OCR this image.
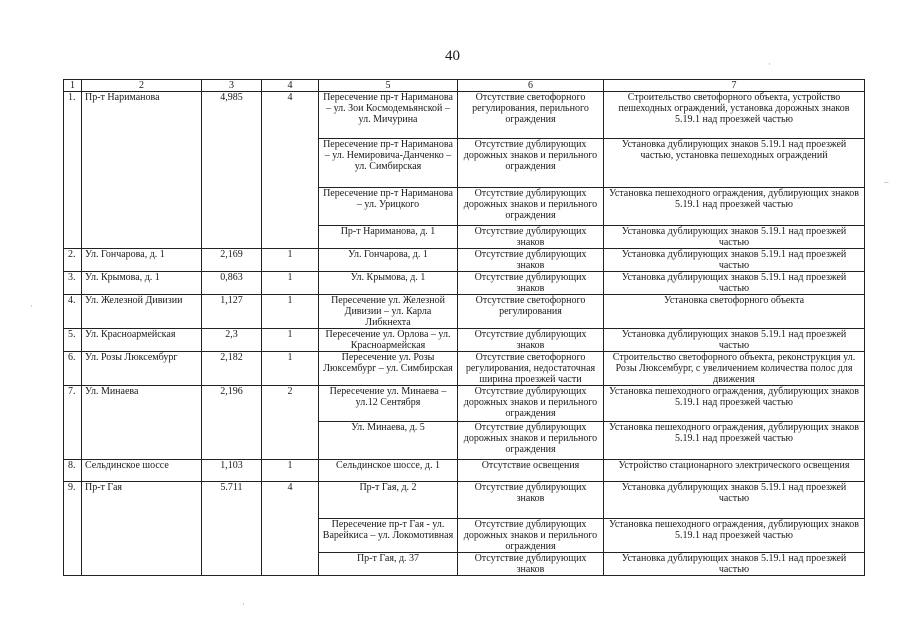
40
1	2	3	4	5	6	7
1.	Пр-т Нариманова	4,985	4	Пересечение пр-т Нариманова – ул. Зои Космодемьянской – ул. Мичурина	Отсутствие светофорного регулирования, перильного ограждения	Строительство светофорного объекта, устройство пешеходных ограждений, установка дорожных знаков 5.19.1 над проезжей частью
				Пересечение пр-т Нариманова – ул. Немировича-Данченко – ул. Симбирская	Отсутствие дублирующих дорожных знаков и перильного ограждения	Установка дублирующих знаков 5.19.1 над проезжей частью, установка пешеходных ограждений
				Пересечение пр-т Нариманова – ул. Урицкого	Отсутствие дублирующих дорожных знаков и перильного ограждения	Установка пешеходного ограждения, дублирующих знаков 5.19.1 над проезжей частью
				Пр-т Нариманова, д. 1	Отсутствие дублирующих знаков	Установка дублирующих знаков 5.19.1 над проезжей частью
2.	Ул. Гончарова, д. 1	2,169	1	Ул. Гончарова, д. 1	Отсутствие дублирующих знаков	Установка дублирующих знаков 5.19.1 над проезжей частью
3.	Ул. Крымова, д. 1	0,863	1	Ул. Крымова, д. 1	Отсутствие дублирующих знаков	Установка дублирующих знаков 5.19.1 над проезжей частью
4.	Ул. Железной Дивизии	1,127	1	Пересечение ул. Железной Дивизии – ул. Карла Либкнехта	Отсутствие светофорного регулирования	Установка светофорного объекта
5.	Ул. Красноармейская	2,3	1	Пересечение ул. Орлова – ул. Красноармейская	Отсутствие дублирующих знаков	Установка дублирующих знаков 5.19.1 над проезжей частью
6.	Ул. Розы Люксембург	2,182	1	Пересечение ул. Розы Люксембург – ул. Симбирская	Отсутствие светофорного регулирования, недостаточная ширина проезжей части	Строительство светофорного объекта, реконструкция ул. Розы Люксембург, с увеличением количества полос для движения
7.	Ул. Минаева	2,196	2	Пересечение ул. Минаева – ул.12 Сентября	Отсутствие дублирующих дорожных знаков и перильного ограждения	Установка пешеходного ограждения, дублирующих знаков 5.19.1 над проезжей частью
				Ул. Минаева, д. 5	Отсутствие дублирующих дорожных знаков и перильного ограждения	Установка пешеходного ограждения, дублирующих знаков 5.19.1 над проезжей частью
8.	Сельдинское шоссе	1,103	1	Сельдинское шоссе, д. 1	Отсутствие освещения	Устройство стационарного электрического освещения
9.	Пр-т Гая	5.711	4	Пр-т Гая, д. 2	Отсутствие дублирующих знаков	Установка дублирующих знаков 5.19.1 над проезжей частью
				Пересечение пр-т Гая - ул. Варейкиса – ул. Локомотивная	Отсутствие дублирующих дорожных знаков и перильного ограждения	Установка пешеходного ограждения, дублирующих знаков 5.19.1 над проезжей частью
				Пр-т Гая, д. 37	Отсутствие дублирующих знаков	Установка дублирующих знаков 5.19.1 над проезжей частью
–
·
·
·
